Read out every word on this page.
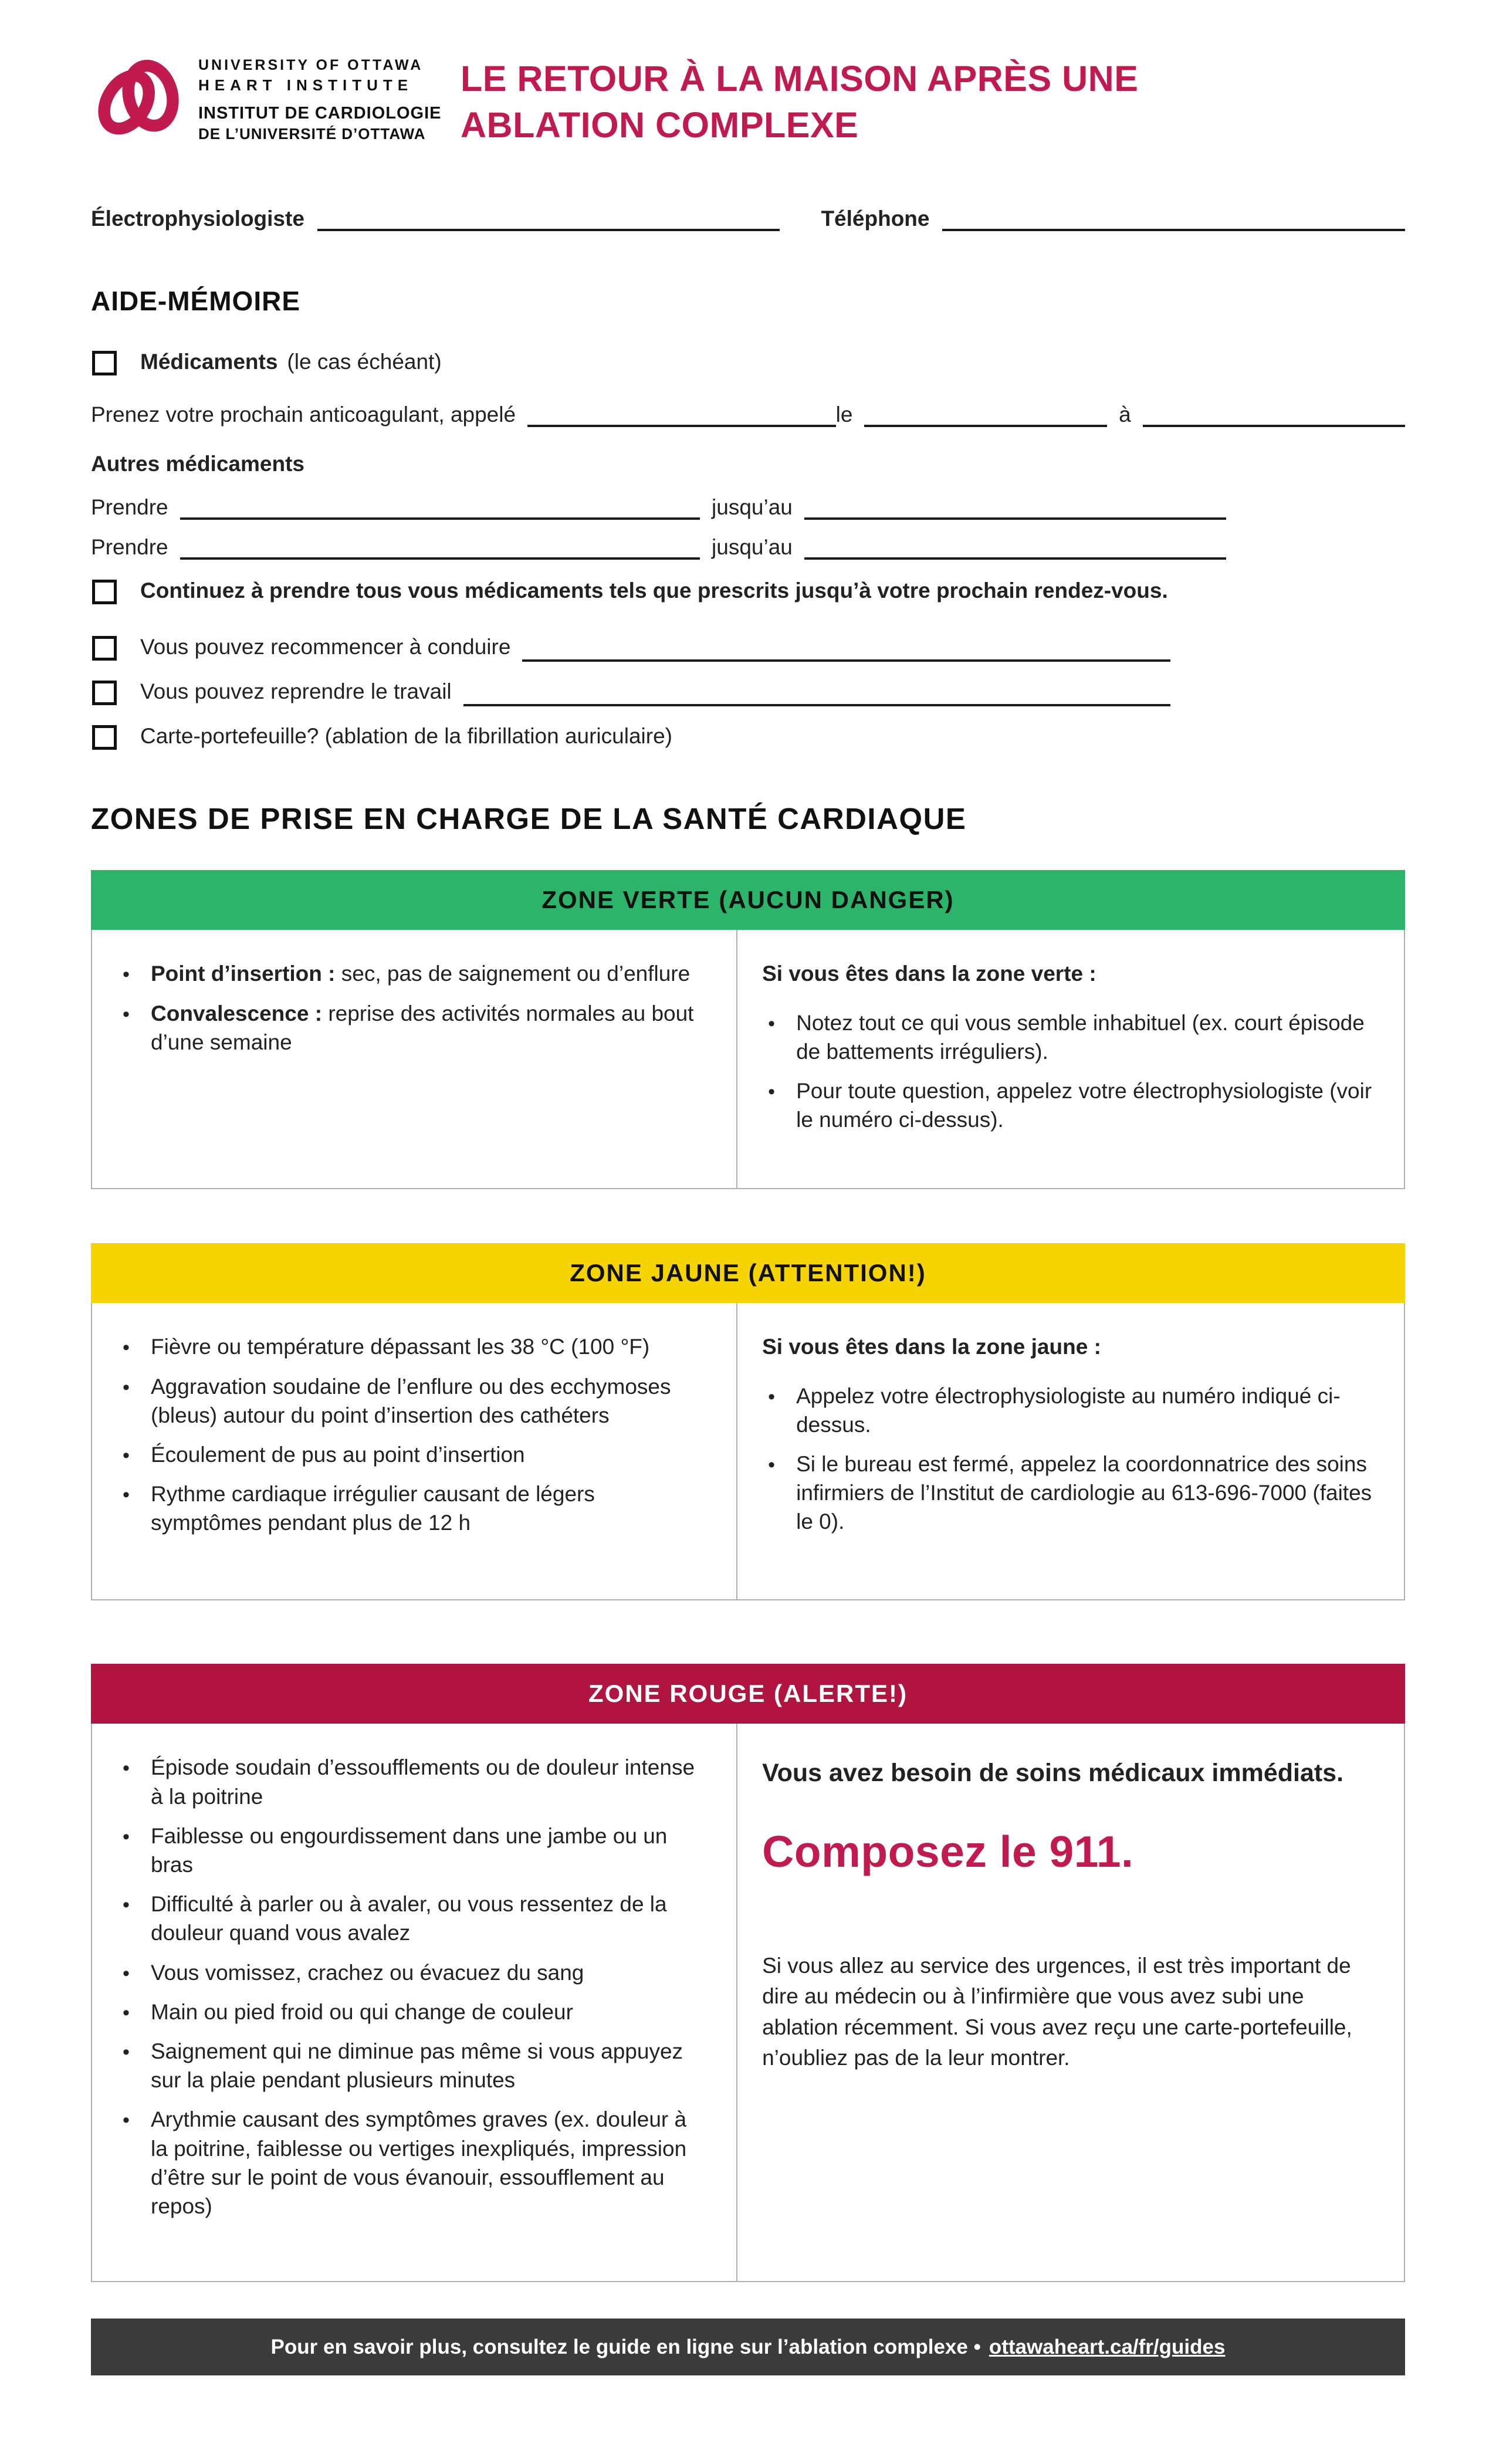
UNIVERSITY OF OTTAWA
HEART INSTITUTE
INSTITUT DE CARDIOLOGIE
DE L’UNIVERSITÉ D’OTTAWA
LE RETOUR À LA MAISON APRÈS UNE
ABLATION COMPLEXE
Électrophysiologiste	Téléphone
AIDE-MÉMOIRE
Médicaments (le cas échéant)
Prenez votre prochain anticoagulant, appelé	le	à
Autres médicaments
Prendre	jusqu’au
Prendre	jusqu’au
Continuez à prendre tous vous médicaments tels que prescrits jusqu’à votre prochain rendez-vous.
Vous pouvez recommencer à conduire
Vous pouvez reprendre le travail
Carte-portefeuille? (ablation de la fibrillation auriculaire)
ZONES DE PRISE EN CHARGE DE LA SANTÉ CARDIAQUE
ZONE VERTE (AUCUN DANGER)
•
Point d’insertion : sec, pas de saignement ou d’enflure
•
Convalescence : reprise des activités normales au bout d’une semaine
Si vous êtes dans la zone verte :
•
Notez tout ce qui vous semble inhabituel (ex. court épisode de battements irréguliers).
•
Pour toute question, appelez votre électrophysiologiste (voir le numéro ci-dessus).
ZONE JAUNE (ATTENTION!)
•
Fièvre ou température dépassant les 38 °C (100 °F)
•
Aggravation soudaine de l’enflure ou des ecchymoses (bleus) autour du point d’insertion des cathéters
•
Écoulement de pus au point d’insertion
•
Rythme cardiaque irrégulier causant de légers symptômes pendant plus de 12 h
Si vous êtes dans la zone jaune :
•
Appelez votre électrophysiologiste au numéro indiqué ci-dessus.
•
Si le bureau est fermé, appelez la coordonnatrice des soins infirmiers de l’Institut de cardiologie au 613-696-7000 (faites le 0).
ZONE ROUGE (ALERTE!)
•
Épisode soudain d’essoufflements ou de douleur intense à la poitrine
•
Faiblesse ou engourdissement dans une jambe ou un bras
•
Difficulté à parler ou à avaler, ou vous ressentez de la douleur quand vous avalez
•
Vous vomissez, crachez ou évacuez du sang
•
Main ou pied froid ou qui change de couleur
•
Saignement qui ne diminue pas même si vous appuyez sur la plaie pendant plusieurs minutes
•
Arythmie causant des symptômes graves (ex. douleur à la poitrine, faiblesse ou vertiges inexpliqués, impression d’être sur le point de vous évanouir, essoufflement au repos)
Vous avez besoin de soins médicaux immédiats.
Composez le 911.
Si vous allez au service des urgences, il est très important de dire au médecin ou à l’infirmière que vous avez subi une ablation récemment. Si vous avez reçu une carte-portefeuille, n’oubliez pas de la leur montrer.
Pour en savoir plus, consultez le guide en ligne sur l’ablation complexe • ottawaheart.ca/fr/guides
